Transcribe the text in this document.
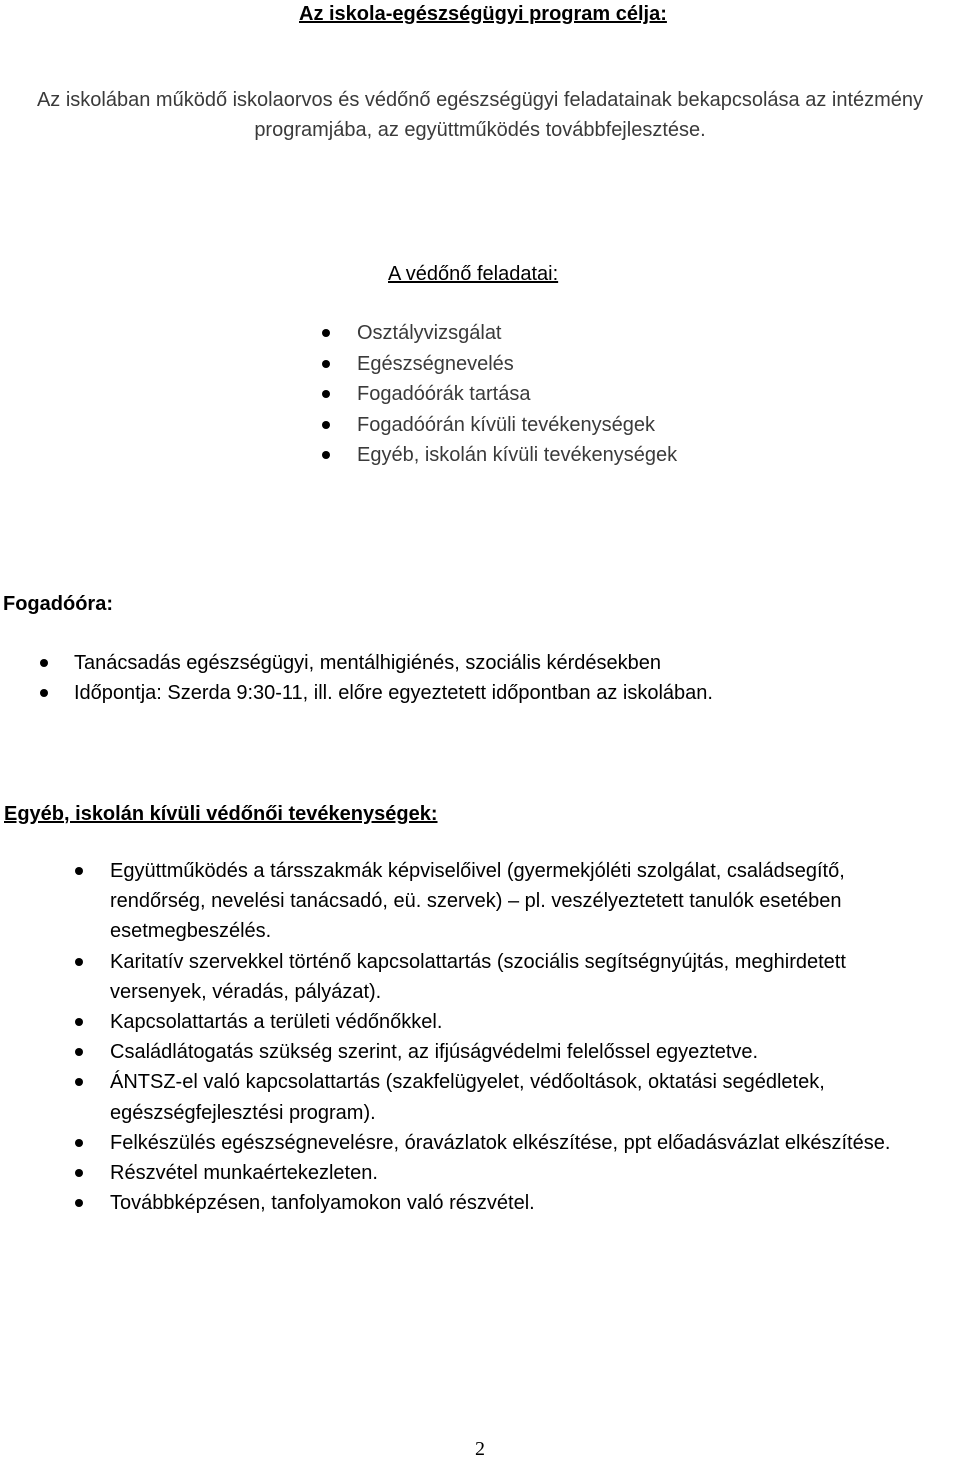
Az iskola-egészségügyi program célja:
Az iskolában működő iskolaorvos és védőnő egészségügyi feladatainak bekapcsolása az intézmény programjába, az együttműködés továbbfejlesztése.
A védőnő feladatai:
Osztályvizsgálat
Egészségnevelés
Fogadóórák tartása
Fogadóórán kívüli tevékenységek
Egyéb, iskolán kívüli tevékenységek
Fogadóóra:
Tanácsadás egészségügyi, mentálhigiénés, szociális kérdésekben
Időpontja: Szerda 9:30-11, ill. előre egyeztetett időpontban az iskolában.
Egyéb, iskolán kívüli védőnői tevékenységek:
Együttműködés a társszakmák képviselőivel (gyermekjóléti szolgálat, családsegítő, rendőrség, nevelési tanácsadó, eü. szervek) – pl. veszélyeztetett tanulók esetében esetmegbeszélés.
Karitatív szervekkel történő kapcsolattartás (szociális segítségnyújtás, meghirdetett versenyek, véradás, pályázat).
Kapcsolattartás a területi védőnőkkel.
Családlátogatás szükség szerint, az ifjúságvédelmi felelőssel egyeztetve.
ÁNTSZ-el való kapcsolattartás (szakfelügyelet, védőoltások, oktatási segédletek, egészségfejlesztési program).
Felkészülés egészségnevelésre, óravázlatok elkészítése, ppt előadásvázlat elkészítése.
Részvétel munkaértekezleten.
Továbbképzésen, tanfolyamokon való részvétel.
2
